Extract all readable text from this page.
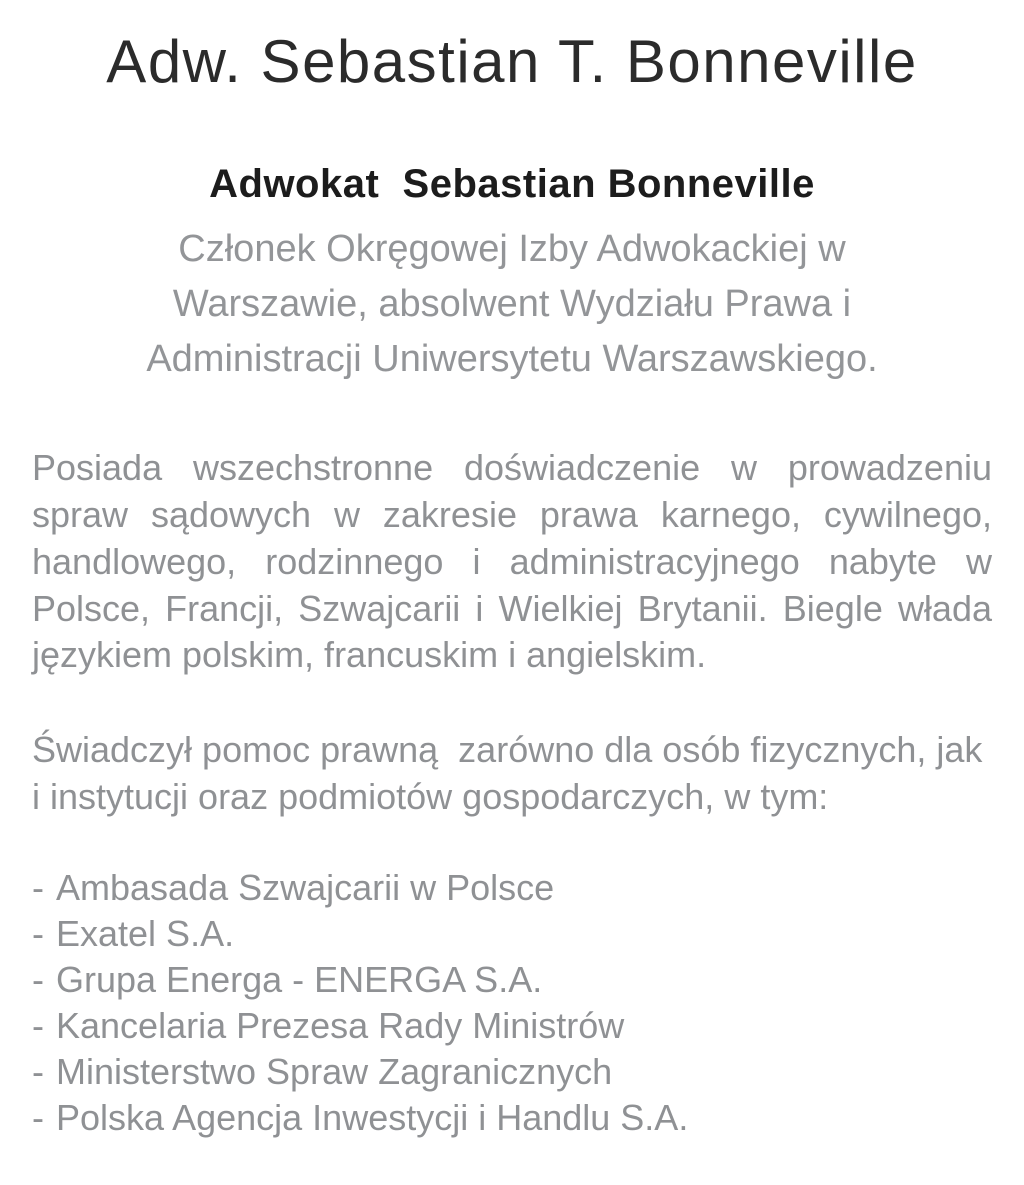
Adw. Sebastian T. Bonneville
Adwokat  Sebastian Bonneville

Członek Okręgowej Izby Adwokackiej w Warszawie, absolwent Wydziału Prawa i Administracji Uniwersytetu Warszawskiego.

Posiada wszechstronne doświadczenie w prowadzeniu spraw sądowych w zakresie prawa karnego, cywilnego, handlowego, rodzinnego i administracyjnego nabyte w Polsce, Francji, Szwajcarii i Wielkiej Brytanii. Biegle włada językiem polskim, francuskim i angielskim.

Świadczył pomoc prawną  zarówno dla osób fizycznych, jak i instytucji oraz podmiotów gospodarczych, w tym:

- Ambasada Szwajcarii w Polsce
- Exatel S.A.
- Grupa Energa - ENERGA S.A.
- Kancelaria Prezesa Rady Ministrów
- Ministerstwo Spraw Zagranicznych
- Polska Agencja Inwestycji i Handlu S.A.
